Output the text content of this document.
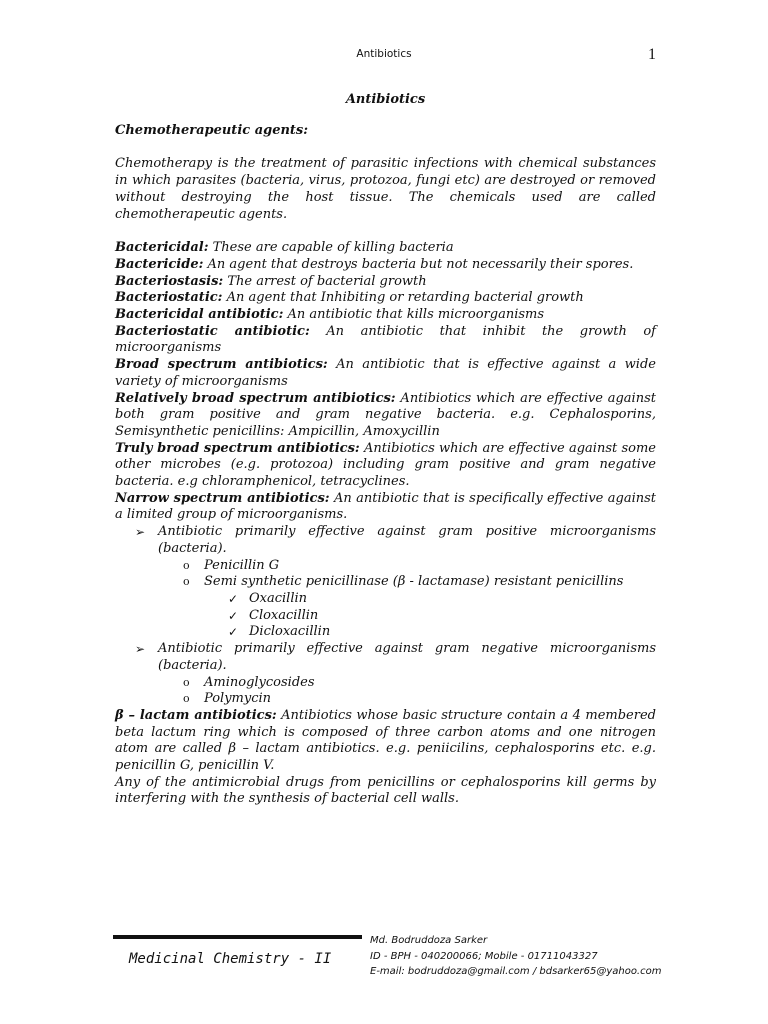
Antibiotics	1
Antibiotics
Chemotherapeutic agents:
Chemotherapy is the treatment of parasitic infections with chemical substances in which parasites (bacteria, virus, protozoa, fungi etc) are destroyed or removed without destroying the host tissue. The chemicals used are called chemotherapeutic agents.
Bactericidal: These are capable of killing bacteria
Bactericide: An agent that destroys bacteria but not necessarily their spores.
Bacteriostasis: The arrest of bacterial growth
Bacteriostatic: An agent that Inhibiting or retarding bacterial growth
Bactericidal antibiotic: An antibiotic that kills microorganisms
Bacteriostatic antibiotic: An antibiotic that inhibit the growth of microorganisms
Broad spectrum antibiotics: An antibiotic that is effective against a wide variety of microorganisms
Relatively broad spectrum antibiotics: Antibiotics which are effective against both gram positive and gram negative bacteria. e.g. Cephalosporins, Semisynthetic penicillins: Ampicillin, Amoxycillin
Truly broad spectrum antibiotics: Antibiotics which are effective against some other microbes (e.g. protozoa) including gram positive and gram negative bacteria. e.g chloramphenicol, tetracyclines.
Narrow spectrum antibiotics: An antibiotic that is specifically effective against a limited group of microorganisms.
➢ Antibiotic primarily effective against gram positive microorganisms (bacteria).
o Penicillin G
o Semi synthetic penicillinase (β - lactamase) resistant penicillins
✓ Oxacillin
✓ Cloxacillin
✓ Dicloxacillin
➢ Antibiotic primarily effective against gram negative microorganisms (bacteria).
o Aminoglycosides
o Polymycin
β – lactam antibiotics: Antibiotics whose basic structure contain a 4 membered beta lactum ring which is composed of three carbon atoms and one nitrogen atom are called β – lactam antibiotics. e.g. peniicilins, cephalosporins etc. e.g. penicillin G, penicillin V.
Any of the antimicrobial drugs from penicillins or cephalosporins kill germs by interfering with the synthesis of bacterial cell walls.
Medicinal Chemistry - II
Md. Bodruddoza Sarker
ID - BPH - 040200066; Mobile - 01711043327
E-mail: bodruddoza@gmail.com / bdsarker65@yahoo.com
